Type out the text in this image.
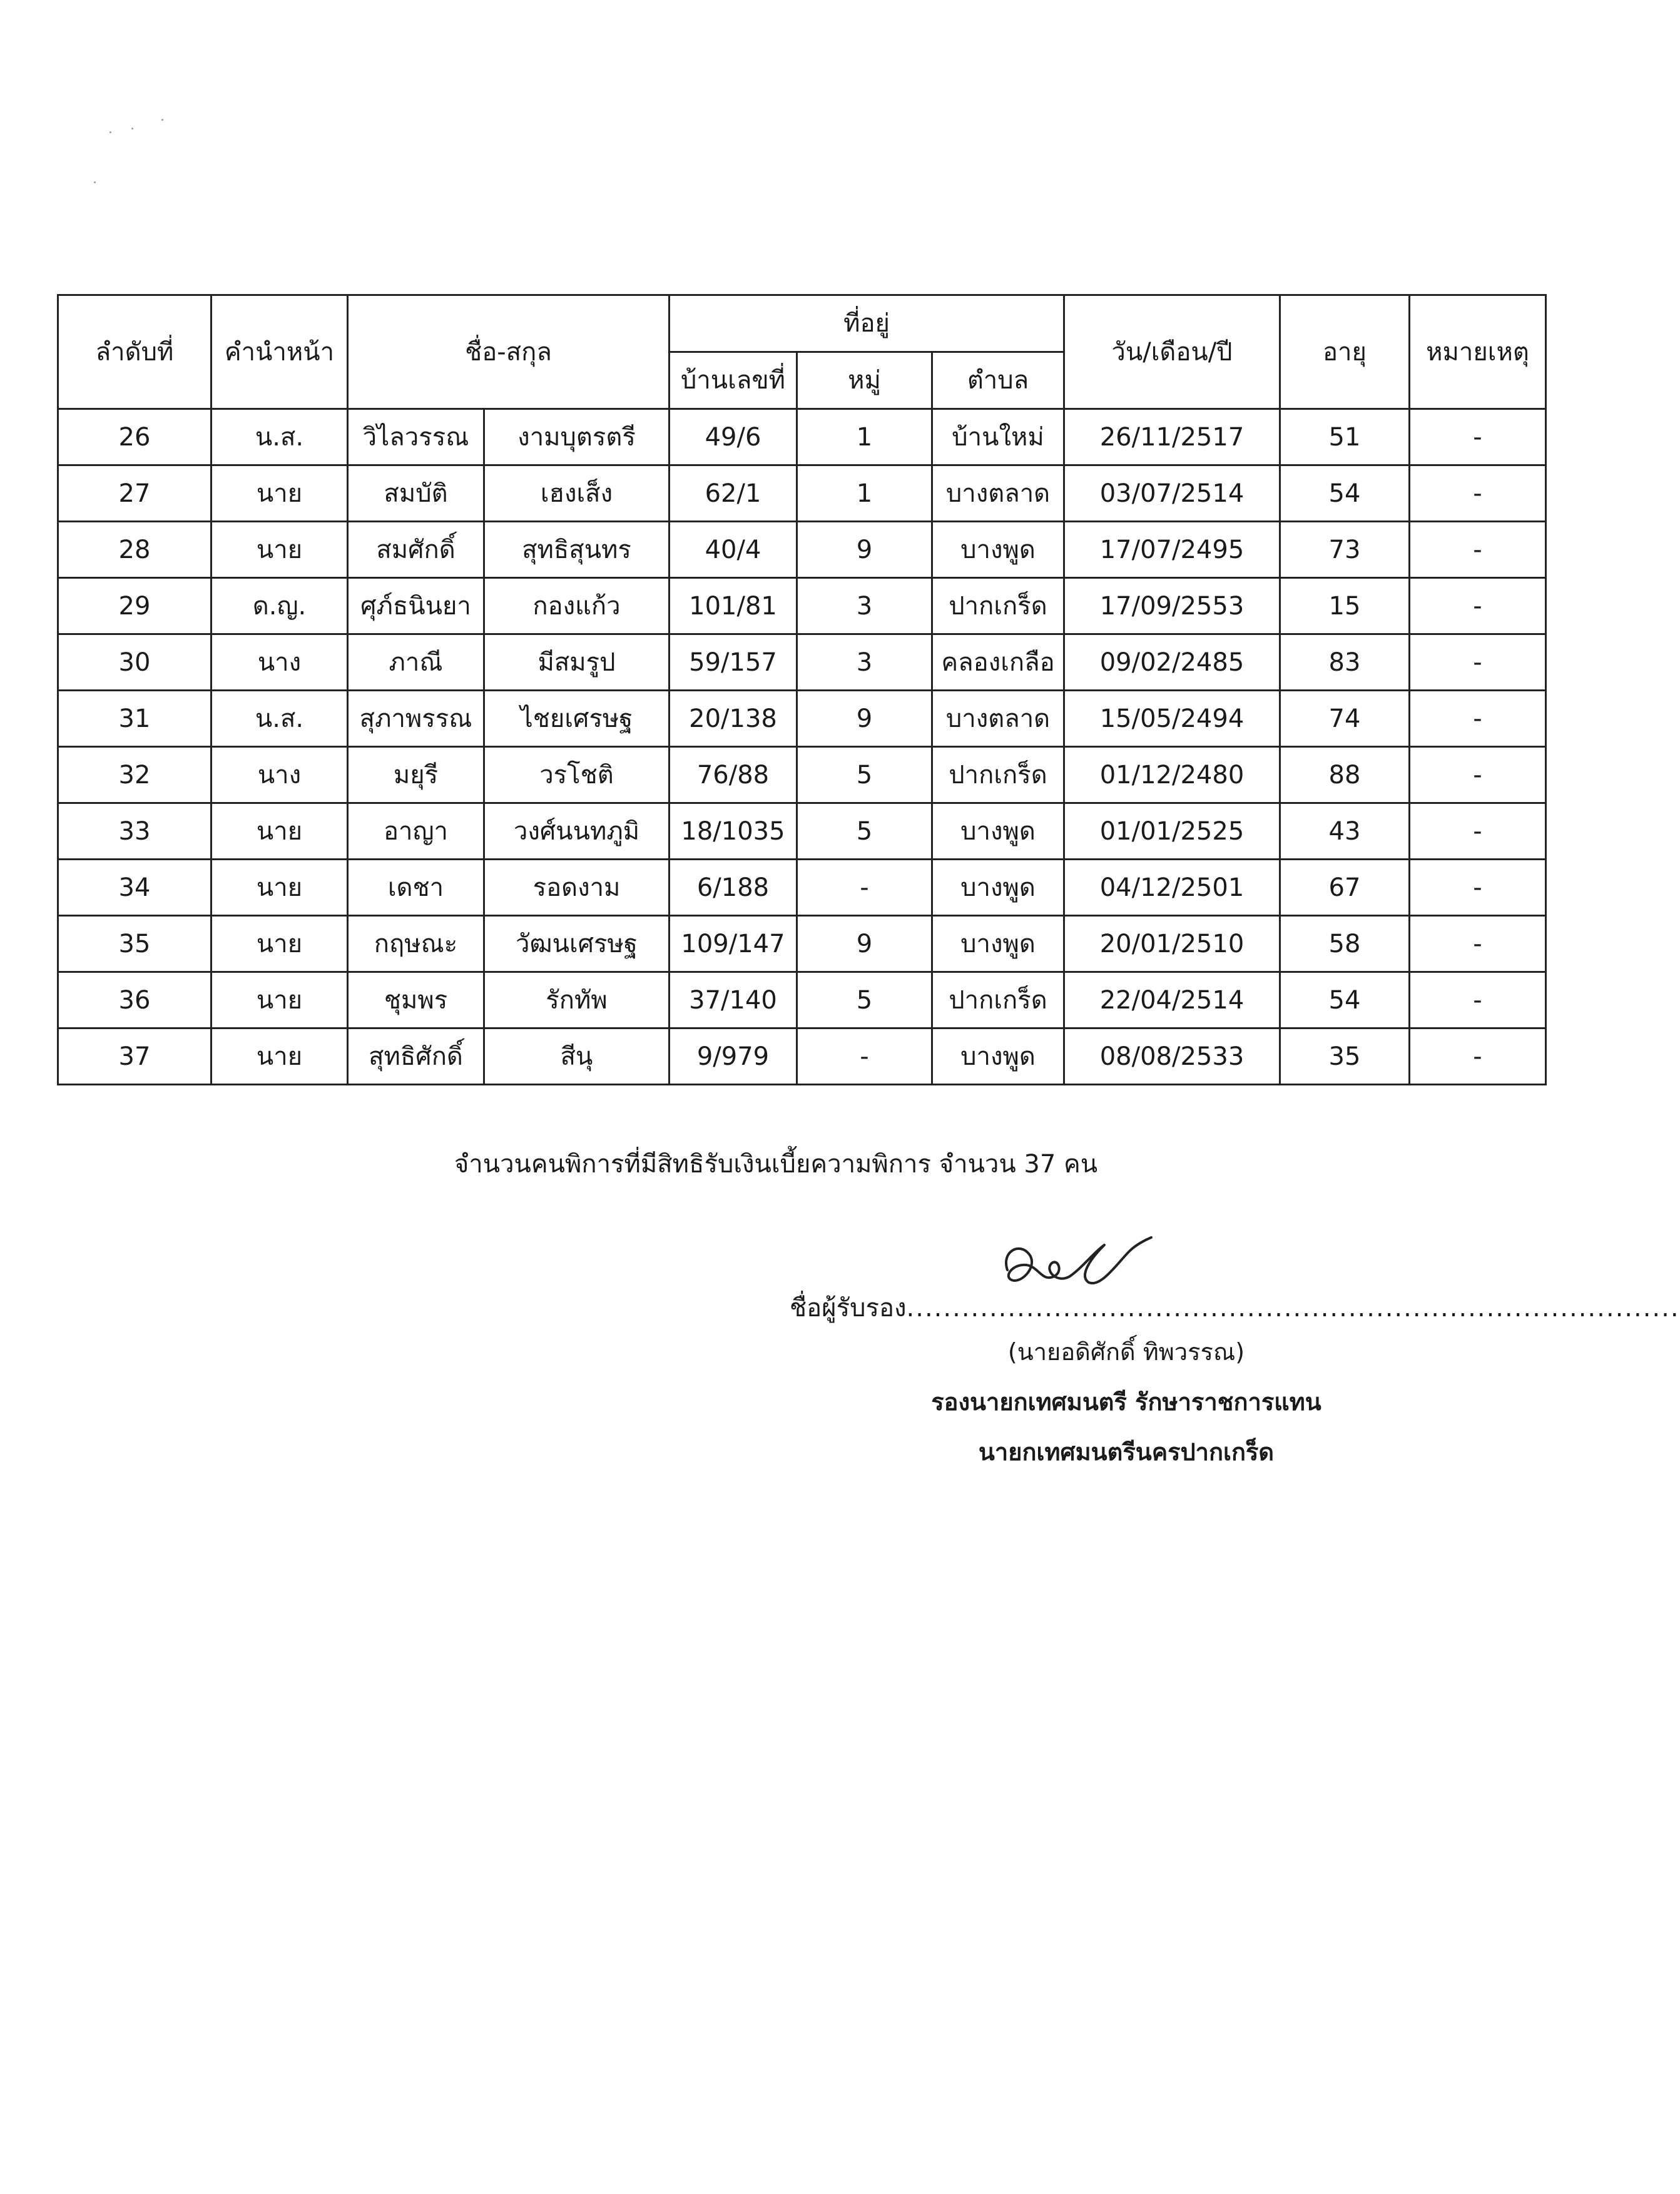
ลำดับที่	คำนำหน้า	ชื่อ-สกุล		ที่อยู่			วัน/เดือน/ปี	อายุ	หมายเหตุ
				บ้านเลขที่	หมู่	ตำบล			
26	น.ส.	วิไลวรรณ	งามบุตรตรี	49/6	1	บ้านใหม่	26/11/2517	51	-
27	นาย	สมบัติ	เฮงเส็ง	62/1	1	บางตลาด	03/07/2514	54	-
28	นาย	สมศักดิ์	สุทธิสุนทร	40/4	9	บางพูด	17/07/2495	73	-
29	ด.ญ.	ศุภ์ธนินยา	กองแก้ว	101/81	3	ปากเกร็ด	17/09/2553	15	-
30	นาง	ภาณี	มีสมรูป	59/157	3	คลองเกลือ	09/02/2485	83	-
31	น.ส.	สุภาพรรณ	ไชยเศรษฐ	20/138	9	บางตลาด	15/05/2494	74	-
32	นาง	มยุรี	วรโชติ	76/88	5	ปากเกร็ด	01/12/2480	88	-
33	นาย	อาญา	วงศ์นนทภูมิ	18/1035	5	บางพูด	01/01/2525	43	-
34	นาย	เดชา	รอดงาม	6/188	-	บางพูด	04/12/2501	67	-
35	นาย	กฤษณะ	วัฒนเศรษฐ	109/147	9	บางพูด	20/01/2510	58	-
36	นาย	ชุมพร	รักทัพ	37/140	5	ปากเกร็ด	22/04/2514	54	-
37	นาย	สุทธิศักดิ์	สีนุ	9/979	-	บางพูด	08/08/2533	35	-
จำนวนคนพิการที่มีสิทธิรับเงินเบี้ยความพิการ จำนวน 37 คน
ชื่อผู้รับรอง....................................................................................
(นายอดิศักดิ์ ทิพวรรณ)
รองนายกเทศมนตรี รักษาราชการแทน
นายกเทศมนตรีนครปากเกร็ด
